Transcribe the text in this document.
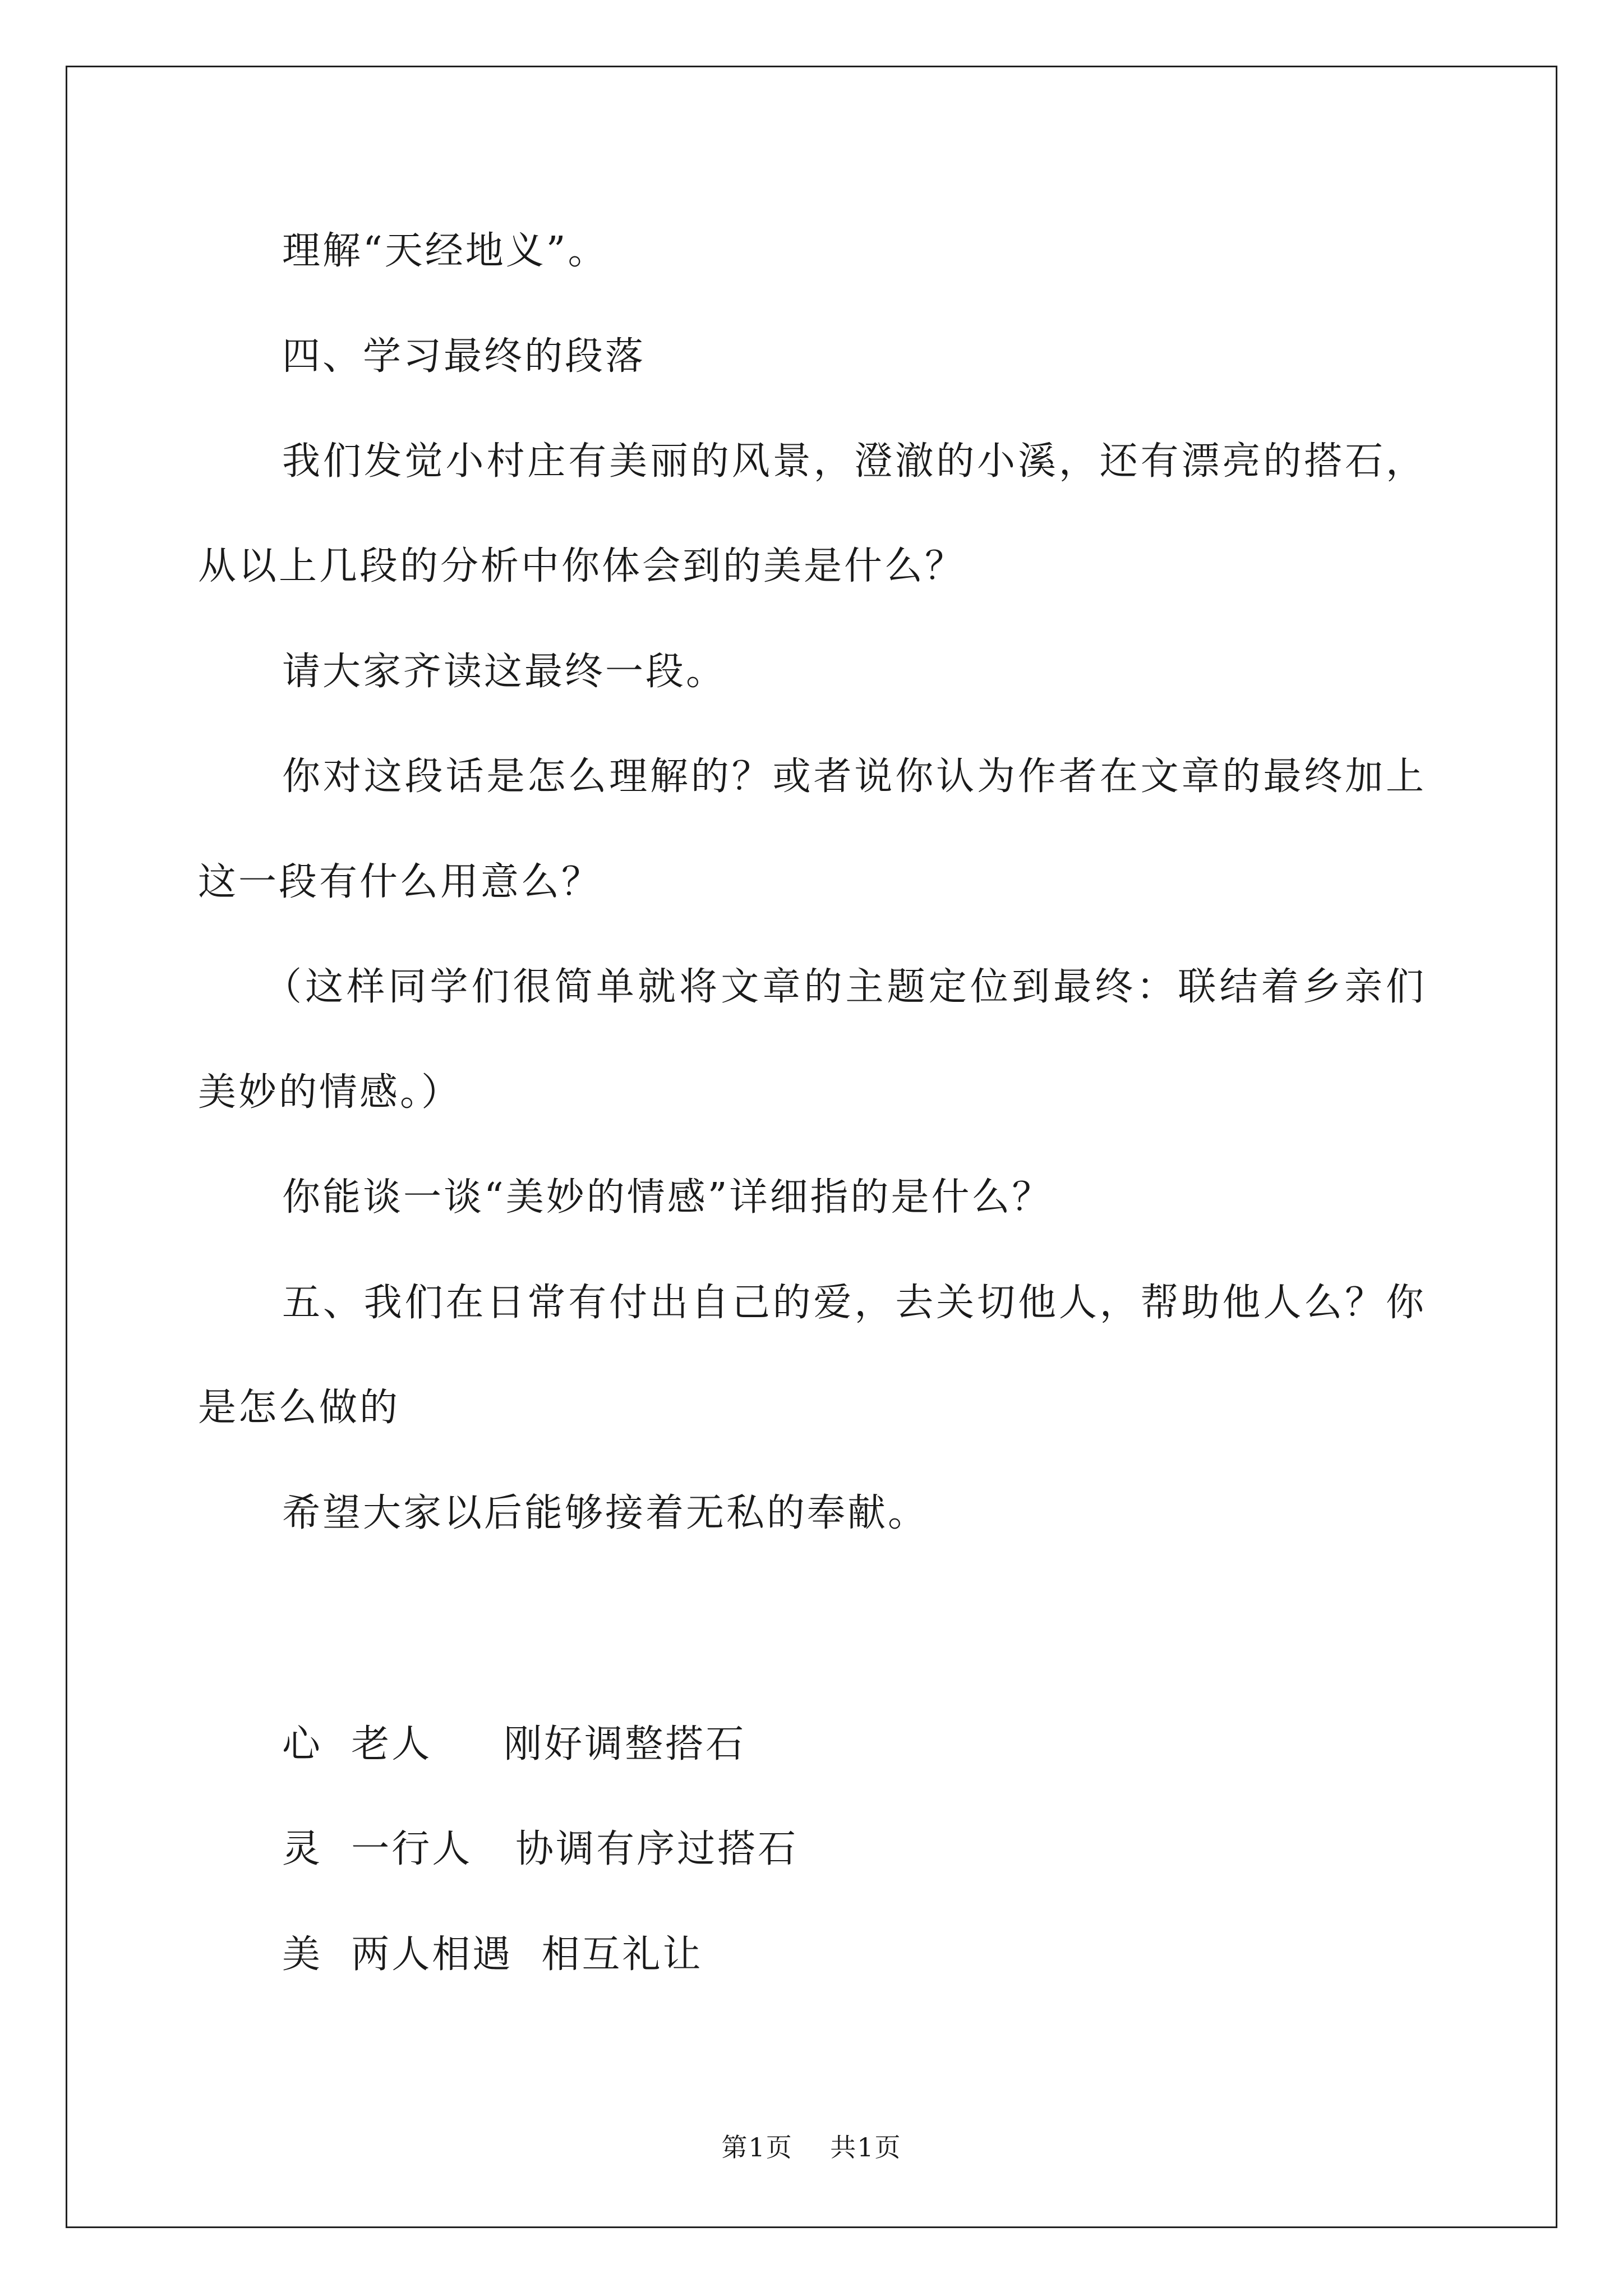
理解“天经地义”。
四、学习最终的段落
我们发觉小村庄有美丽的风景，澄澈的小溪，还有漂亮的搭石，
从以上几段的分析中你体会到的美是什么？
请大家齐读这最终一段。
你对这段话是怎么理解的？或者说你认为作者在文章的最终加上
这一段有什么用意么？
（这样同学们很简单就将文章的主题定位到最终：联结着乡亲们
美妙的情感。）
你能谈一谈“美妙的情感”详细指的是什么？
五、我们在日常有付出自己的爱，去关切他人，帮助他人么？你
是怎么做的
希望大家以后能够接着无私的奉献。
心  老人     刚好调整搭石
灵  一行人   协调有序过搭石
美  两人相遇  相互礼让
第1页 共1页
